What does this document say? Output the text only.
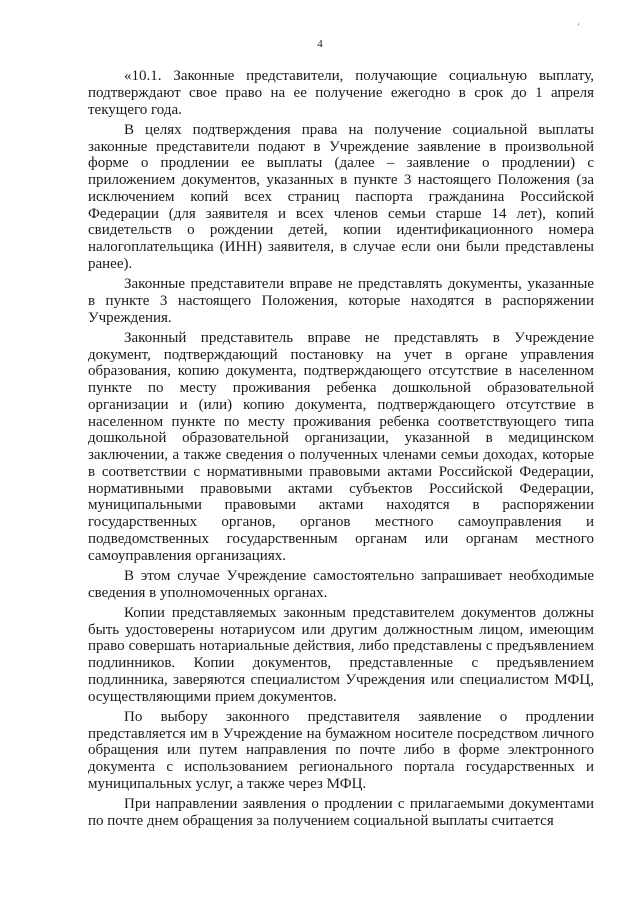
'
4

«10.1. Законные представители, получающие социальную выплату, подтверждают свое право на ее получение ежегодно в срок до 1 апреля текущего года.

В целях подтверждения права на получение социальной выплаты законные представители подают в Учреждение заявление в произвольной форме о продлении ее выплаты (далее – заявление о продлении) с приложением документов, указанных в пункте 3 настоящего Положения (за исключением копий всех страниц паспорта гражданина Российской Федерации (для заявителя и всех членов семьи старше 14 лет), копий свидетельств о рождении детей, копии идентификационного номера налогоплательщика (ИНН) заявителя, в случае если они были представлены ранее).

Законные представители вправе не представлять документы, указанные в пункте 3 настоящего Положения, которые находятся в распоряжении Учреждения.

Законный представитель вправе не представлять в Учреждение документ, подтверждающий постановку на учет в органе управления образования, копию документа, подтверждающего отсутствие в населенном пункте по месту проживания ребенка дошкольной образовательной организации и (или) копию документа, подтверждающего отсутствие в населенном пункте по месту проживания ребенка соответствующего типа дошкольной образовательной организации, указанной в медицинском заключении, а также сведения о полученных членами семьи доходах, которые в соответствии с нормативными правовыми актами Российской Федерации, нормативными правовыми актами субъектов Российской Федерации, муниципальными правовыми актами находятся в распоряжении государственных органов, органов местного самоуправления и подведомственных государственным органам или органам местного самоуправления организациях.

В этом случае Учреждение самостоятельно запрашивает необходимые сведения в уполномоченных органах.

Копии представляемых законным представителем документов должны быть удостоверены нотариусом или другим должностным лицом, имеющим право совершать нотариальные действия, либо представлены с предъявлением подлинников. Копии документов, представленные с предъявлением подлинника, заверяются специалистом Учреждения или специалистом МФЦ, осуществляющими прием документов.

По выбору законного представителя заявление о продлении представляется им в Учреждение на бумажном носителе посредством личного обращения или путем направления по почте либо в форме электронного документа с использованием регионального портала государственных и муниципальных услуг, а также через МФЦ.

При направлении заявления о продлении с прилагаемыми документами по почте днем обращения за получением социальной выплаты считается
